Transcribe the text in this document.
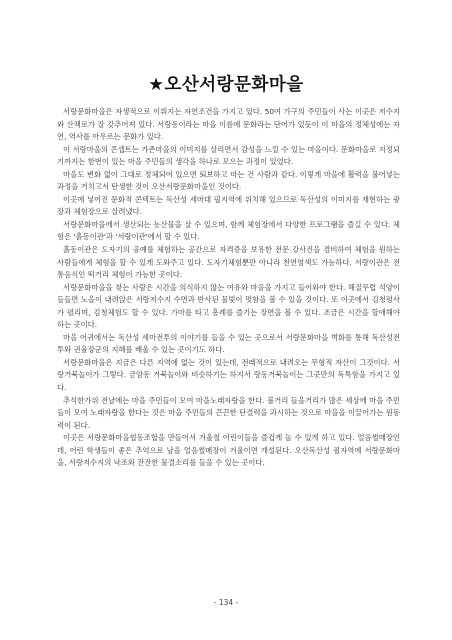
★오산서랑문화마을

서랑문화마을은 자생적으로 이뤄지는 자연조건을 가지고 있다. 50여 가구의 주민들이 사는 이곳은 저수지와 산책로가 잘 갖추어져 있다. 서랑동이라는 마을 이름에 문화라는 단어가 있듯이 이 마을의 정체성에는 자연, 역사를 아우르는 문화가 있다.

이 서랑마을의 콘셉트는 가존마을의 이미지를 살리면서 감성을 느낄 수 있는 마을이다. 문화마을로 지정되기까지는 한번이 있는 마을 주민들의 생각을 하나로 모으는 과정이 있었다.

마을도 변화 없이 그대로 정체되어 있으면 퇴보하고 마는 건 사람과 같다. 이렇게 마을에 활력을 불어넣는 과정을 거치고서 탄생한 것이 오산서랑문화마을인 것이다.

이곳에 넣어진 문화적 콘텍트는 독산성 세마대 필지역에 위치해 있으므로 독산성의 이미지를 재현하는 광장과 체험장으로 살려냈다.

서랑문화마을에서 생산되는 농산물을 살 수 있으며, 함께 체험장에서 다양한 프로그램을 즐길 수 있다. 체험은 '흙동이관'과 '서랑이관'에서 할 수 있다.

흙동이관은 도자기의 공예를 체험하는 공간으로 자격증을 보유한 전문 강사진을 겸비하여 체험을 원하는 사람들에게 체험을 할 수 있게 도와주고 있다. 도자기체험뿐만 아니라 천연염색도 가능하다. 서랑이관은 전통음식인 떡거리 체험이 가능한 곳이다.

서랑문화마을을 찾는 사람은 시간을 의식하지 않는 여유와 마음을 가지고 들어와야 한다. 해질무렵 석양이 들들면 노을이 내려앉은 서랑저수지 수면과 반사된 물빛이 멋함을 볼 수 있을 것이다. 또 이곳에서 김청평사가 펼리며, 김청체험도 할 수 있다. 가마를 타고 흥례를 즐기는 장면을 볼 수 있다. 조금은 시간을 할애해야 하는 곳이다.

마을 어귀에서는 독산성 세마전투의 이야기를 들을 수 있는 곳으로서 서랑문화마을 벽화를 통해 독산성전투와 권율장군의 지혜를 배울 수 있는 곳이기도 하다.

서랑문화마을은 지금은 다른 지역에 없는 것이 있는데, 전래적으로 내려오는 무형적 자산이 그것이다. 서랑거북놀이가 그렇다. 금암동 거북놀이와 비슷하기는 하지서 랑동거북놀이는 그곳만의 독특함을 가지고 있다.

추석한가위 전날에는 마을 주민들이 모여 마을노래자랑을 한다. 불거리 들을거리가 많은 세상에 마을 주민들이 모여 노래자랑을 한다는 것은 마을 주민들의 끈끈한 단결력을 과시하는 것으로 마을을 이끌어가는 원동력이 된다.

이곳은 서랑문화마을협동조합을 만들어서 겨울철 어린이들을 즐겁게 놀 수 있게 하고 있다. 얼음썰매장인데, 어린 학생들이 좋은 추억으로 남을 얼음썰매장이 겨울이면 개설된다. 오산독산성 필자역에 서랑문화마을, 서랑저수지의 낙조와 잔잔한 물결소리를 들을 수 있는 곳이다.

- 134 -
